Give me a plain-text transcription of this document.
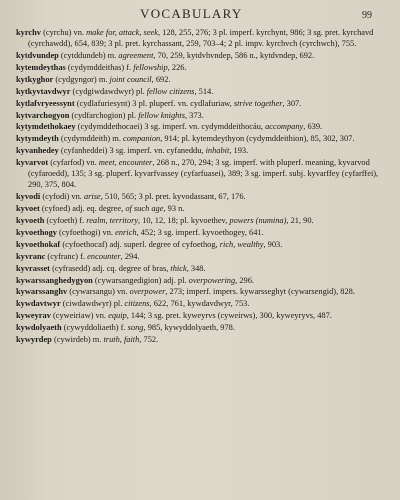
VOCABULARY	99

kyrchv (cyrchu) vn. make for, attack, seek, 128, 255, 276; 3 pl. imperf. kyrchynt, 986; 3 sg. pret. kyrchavd (cyrchawdd), 654, 839; 3 pl. pret. kyrchassant, 259, 703–4; 2 pl. impv. kyrchvch (cyrchwch), 755.

kytdvundep (cytddundeb) m. agreement, 70, 259, kytdvhvndep, 586 n., kytdvndep, 692.

kytemdeythas (cydymddeithas) f. fellowship, 226.

kytkyghor (cydgyngor) m. joint council, 692.

kytkyvtavdwyr (cydgiwdawdwyr) pl. fellow citizens, 514.

kytlafvryeessynt (cydlafuriesynt) 3 pl. pluperf. vn. cydlafuriaw, strive together, 307.

kytvarchogyon (cydfarchogion) pl. fellow knights, 373.

kytymdethokaey (cydymddethocaei) 3 sg. imperf. vn. cydymddeithocáu, accompany, 639.

kytymdeyth (cydymddeith) m. companion, 914; pl. kytemdeythyon (cydymddeithion), 85, 302, 307.

kyvanhedey (cyfanheddei) 3 sg. imperf. vn. cyfaneddu, inhabit, 193.

kyvarvot (cyfarfod) vn. meet, encounter, 268 n., 270, 294; 3 sg. imperf. with pluperf. meaning, kyvarvod (cyfaroedd), 135; 3 sg. pluperf. kyvarfvassey (cyfarfuasei), 389; 3 sg. imperf. subj. kyvarffey (cyfarffei), 290, 375, 804.

kyvodi (cyfodi) vn. arise, 510, 565; 3 pl. pret. kyvodassant, 67, 176.

kyvoet (cyfoed) adj. eq. degree, of such age, 93 n.

kyvoeth (cyfoeth) f. realm, territory, 10, 12, 18; pl. kyvoethev, powers (numina), 21, 90.

kyvoethogy (cyfoethogi) vn. enrich, 452; 3 sg. imperf. kyvoethogey, 641.

kyvoethokaf (cyfoethocaf) adj. superl. degree of cyfoethog, rich, wealthy, 903.

kyvranc (cyfranc) f. encounter, 294.

kyvrasset (cyfrasedd) adj. cq. degree of bras, thick, 348.

kywarssanghedygyon (cywarsangedigion) adj. pl. overpowering, 296.

kywarssanghv (cywarsangu) vn. overpower, 273; imperf. impers. kywarsseghyt (cywarsengid), 828.

kywdavtwyr (ciwdawdwyr) pl. citizens, 622, 761, kywdavdwyr, 753.

kyweyrav (cyweiriaw) vn. equip, 144; 3 sg. pret. kyweyrvs (cyweirws), 300, kyweyryvs, 487.

kywdolyaeth (cywyddoliaeth) f. song, 985, kywyddolyaeth, 978.

kywyrdep (cywirdeb) m. truth, faith, 752.
